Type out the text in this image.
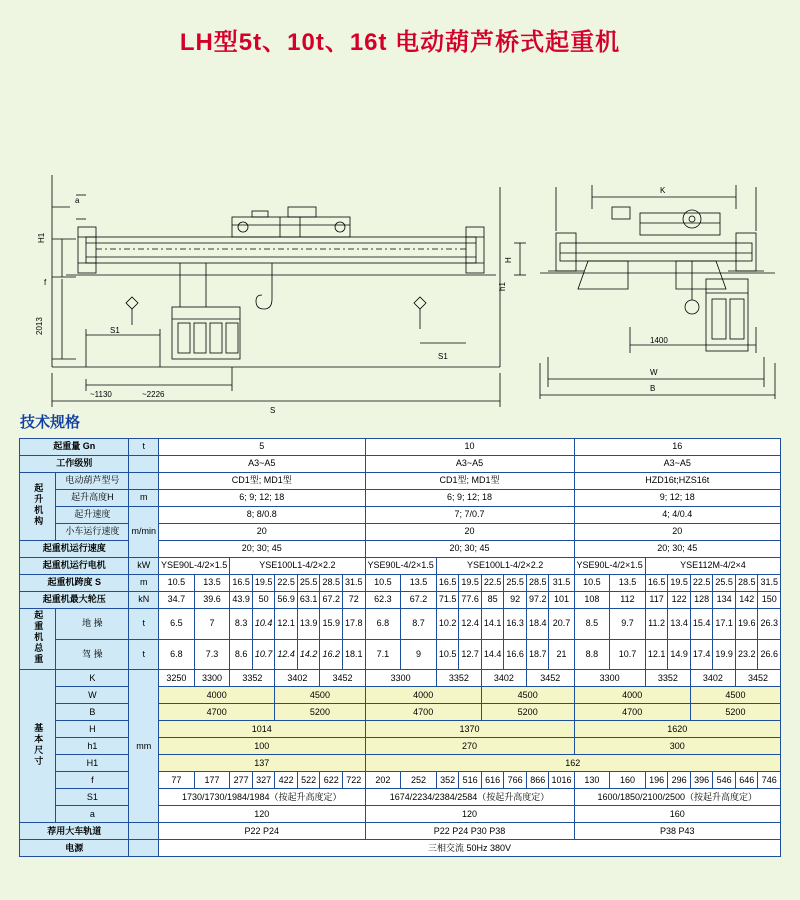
LH型5t、10t、16t 电动葫芦桥式起重机
a
H1
f
2013	S1
~1130	~2226
S
S1
H
h1
K
1400
W
B
技术规格
起重量 Gn		t	5								10								16							
工作级别			A3~A5								A3~A5								A3~A5							
起升机构	电动葫芦型号		CD1型; MD1型								CD1型; MD1型								HZD16t;HZS16t							
	起升高度H	m	6; 9; 12; 18								6; 9; 12; 18								9; 12; 18							
	起升速度	m/min	8; 8/0.8								7; 7/0.7								4; 4/0.4							
	小车运行速度		20								20								20							
起重机运行速度			20; 30; 45								20; 30; 45								20; 30; 45							
起重机运行电机		kW	YSE90L-4/2×1.5		YSE100L1-4/2×2.2						YSE90L-4/2×1.5		YSE100L1-4/2×2.2						YSE90L-4/2×1.5		YSE112M-4/2×4					
起重机跨度 S		m	10.5	13.5	16.5	19.5	22.5	25.5	28.5	31.5	10.5	13.5	16.5	19.5	22.5	25.5	28.5	31.5	10.5	13.5	16.5	19.5	22.5	25.5	28.5	31.5
起重机最大轮压		kN	34.7	39.6	43.9	50	56.9	63.1	67.2	72	62.3	67.2	71.5	77.6	85	92	97.2	101	108	112	117	122	128	134	142	150
起重机总重	地 操	t	6.5	7	8.3	10.4	12.1	13.9	15.9	17.8	6.8	8.7	10.2	12.4	14.1	16.3	18.4	20.7	8.5	9.7	11.2	13.4	15.4	17.1	19.6	26.3
	驾 操	t	6.8	7.3	8.6	10.7	12.4	14.2	16.2	18.1	7.1	9	10.5	12.7	14.4	16.6	18.7	21	8.8	10.7	12.1	14.9	17.4	19.9	23.2	26.6
基本尺寸	K	mm	3250	3300	3352		3402		3452		3300		3352		3402		3452		3300		3352		3402		3452	
	W		4000				4500				4000				4500				4000				4500			
	B		4700				5200				4700				5200				4700				5200			
	H		1014								1370								1620							
	h1		100								270								300							
	H1		137								162															
	f		77	177	277	327	422	522	622	722	202	252	352	516	616	766	866	1016	130	160	196	296	396	546	646	746
	S1		1730/1730/1984/1984（按起升高度定）								1674/2234/2384/2584（按起升高度定）								1600/1850/2100/2500（按起升高度定）							
	a		120								120								160							
荐用大车轨道			P22 P24								P22 P24 P30 P38								P38 P43							
电源			三相交流 50Hz 380V																							
